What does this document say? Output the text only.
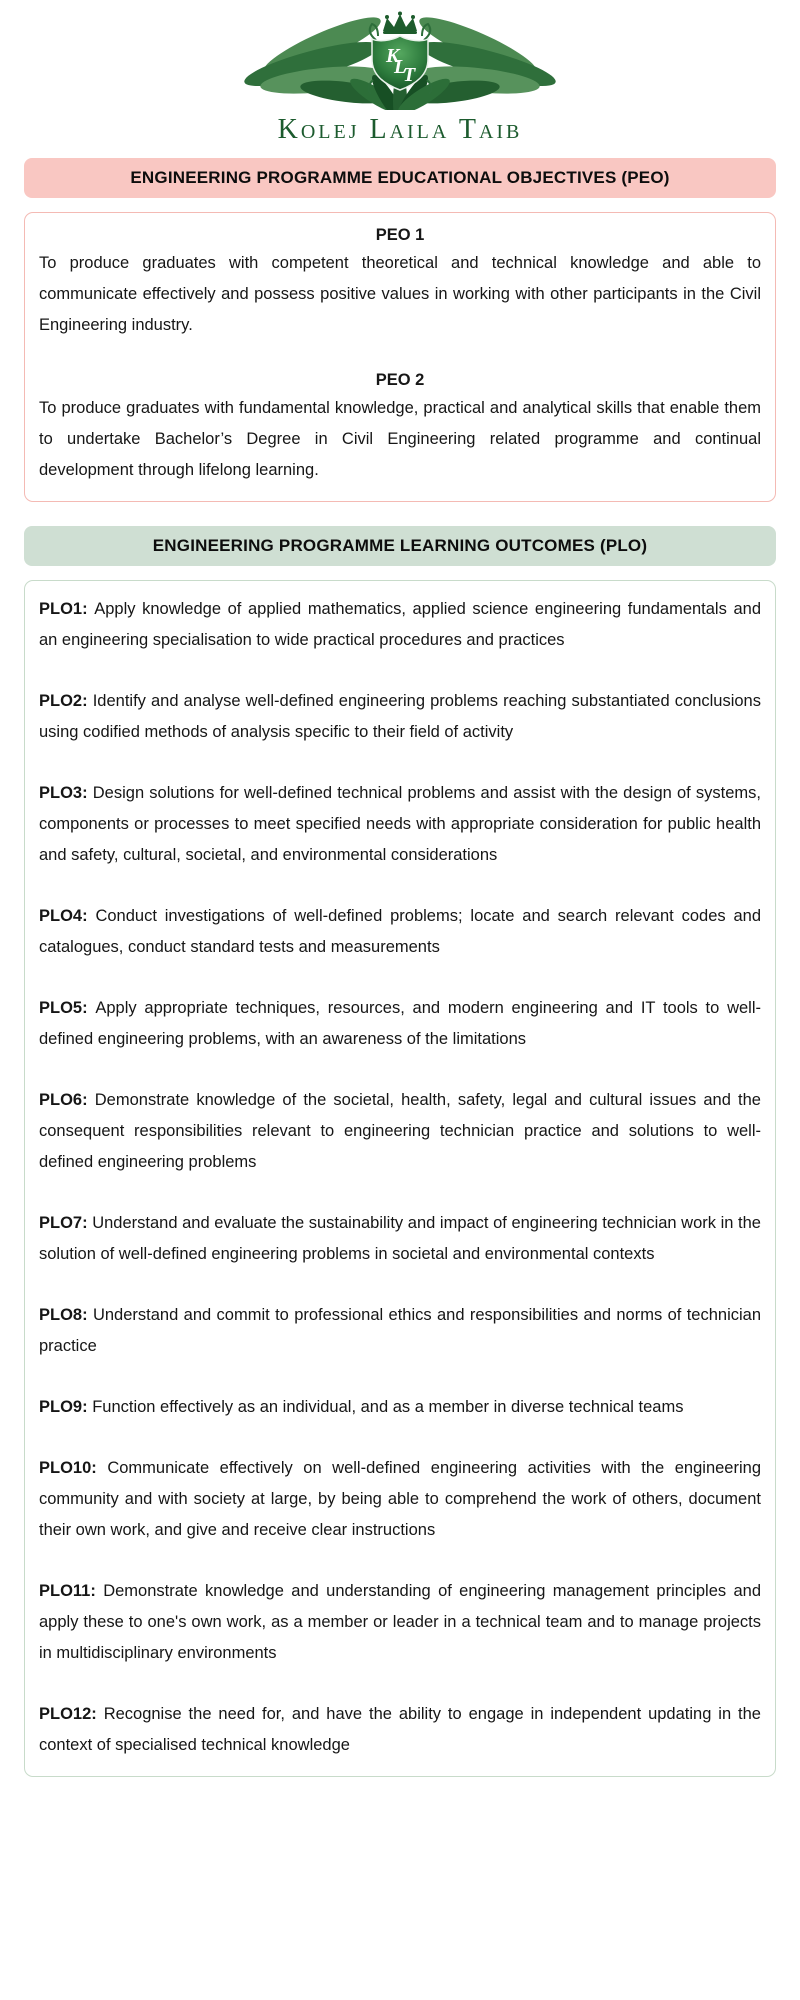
K
L
T
Kolej Laila Taib
ENGINEERING PROGRAMME EDUCATIONAL OBJECTIVES (PEO)
PEO 1
To produce graduates with competent theoretical and technical knowledge and able to communicate effectively and possess positive values in working with other participants in the Civil Engineering industry.
PEO 2
To produce graduates with fundamental knowledge, practical and analytical skills that enable them to undertake Bachelor’s Degree in Civil Engineering related programme and continual development through lifelong learning.
ENGINEERING PROGRAMME LEARNING OUTCOMES (PLO)
PLO1: Apply knowledge of applied mathematics, applied science engineering fundamentals and an engineering specialisation to wide practical procedures and practices
PLO2: Identify and analyse well-defined engineering problems reaching substantiated conclusions using codified methods of analysis specific to their field of activity
PLO3: Design solutions for well-defined technical problems and assist with the design of systems, components or processes to meet specified needs with appropriate consideration for public health and safety, cultural, societal, and environmental considerations
PLO4: Conduct investigations of well-defined problems; locate and search relevant codes and catalogues, conduct standard tests and measurements
PLO5: Apply appropriate techniques, resources, and modern engineering and IT tools to well-defined engineering problems, with an awareness of the limitations
PLO6: Demonstrate knowledge of the societal, health, safety, legal and cultural issues and the consequent responsibilities relevant to engineering technician practice and solutions to well-defined engineering problems
PLO7: Understand and evaluate the sustainability and impact of engineering technician work in the solution of well-defined engineering problems in societal and environmental contexts
PLO8: Understand and commit to professional ethics and responsibilities and norms of technician practice
PLO9: Function effectively as an individual, and as a member in diverse technical teams
PLO10: Communicate effectively on well-defined engineering activities with the engineering community and with society at large, by being able to comprehend the work of others, document their own work, and give and receive clear instructions
PLO11: Demonstrate knowledge and understanding of engineering management principles and apply these to one's own work, as a member or leader in a technical team and to manage projects in multidisciplinary environments
PLO12: Recognise the need for, and have the ability to engage in independent updating in the context of specialised technical knowledge
